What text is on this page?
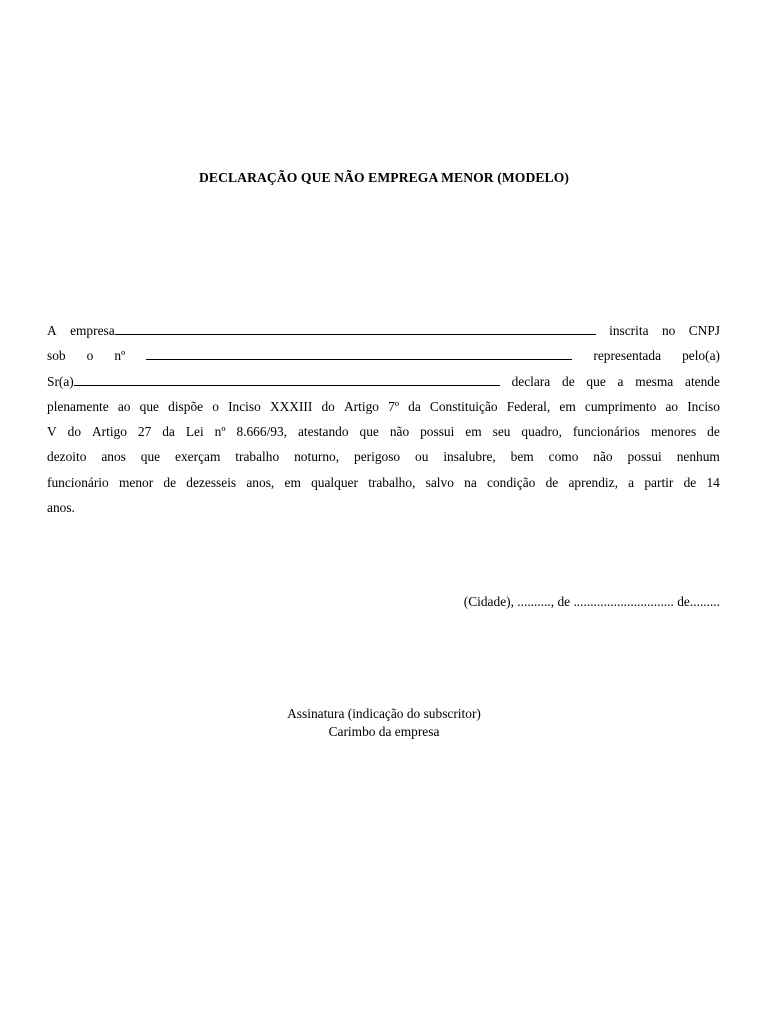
DECLARAÇÃO QUE NÃO EMPREGA MENOR (MODELO)
A empresa	inscrita no CNPJ
sob o nº	representada pelo(a)
Sr(a)	declara de que a mesma atende
plenamente ao que dispõe o Inciso XXXIII do Artigo 7º da Constituição Federal, em cumprimento ao Inciso
V do Artigo 27 da Lei nº 8.666/93, atestando que não possui em seu quadro, funcionários menores de
dezoito anos que exerçam trabalho noturno, perigoso ou insalubre, bem como não possui nenhum
funcionário menor de dezesseis anos, em qualquer trabalho, salvo na condição de aprendiz, a partir de 14
anos.
(Cidade), .........., de .............................. de.........
Assinatura (indicação do subscritor)
Carimbo da empresa
